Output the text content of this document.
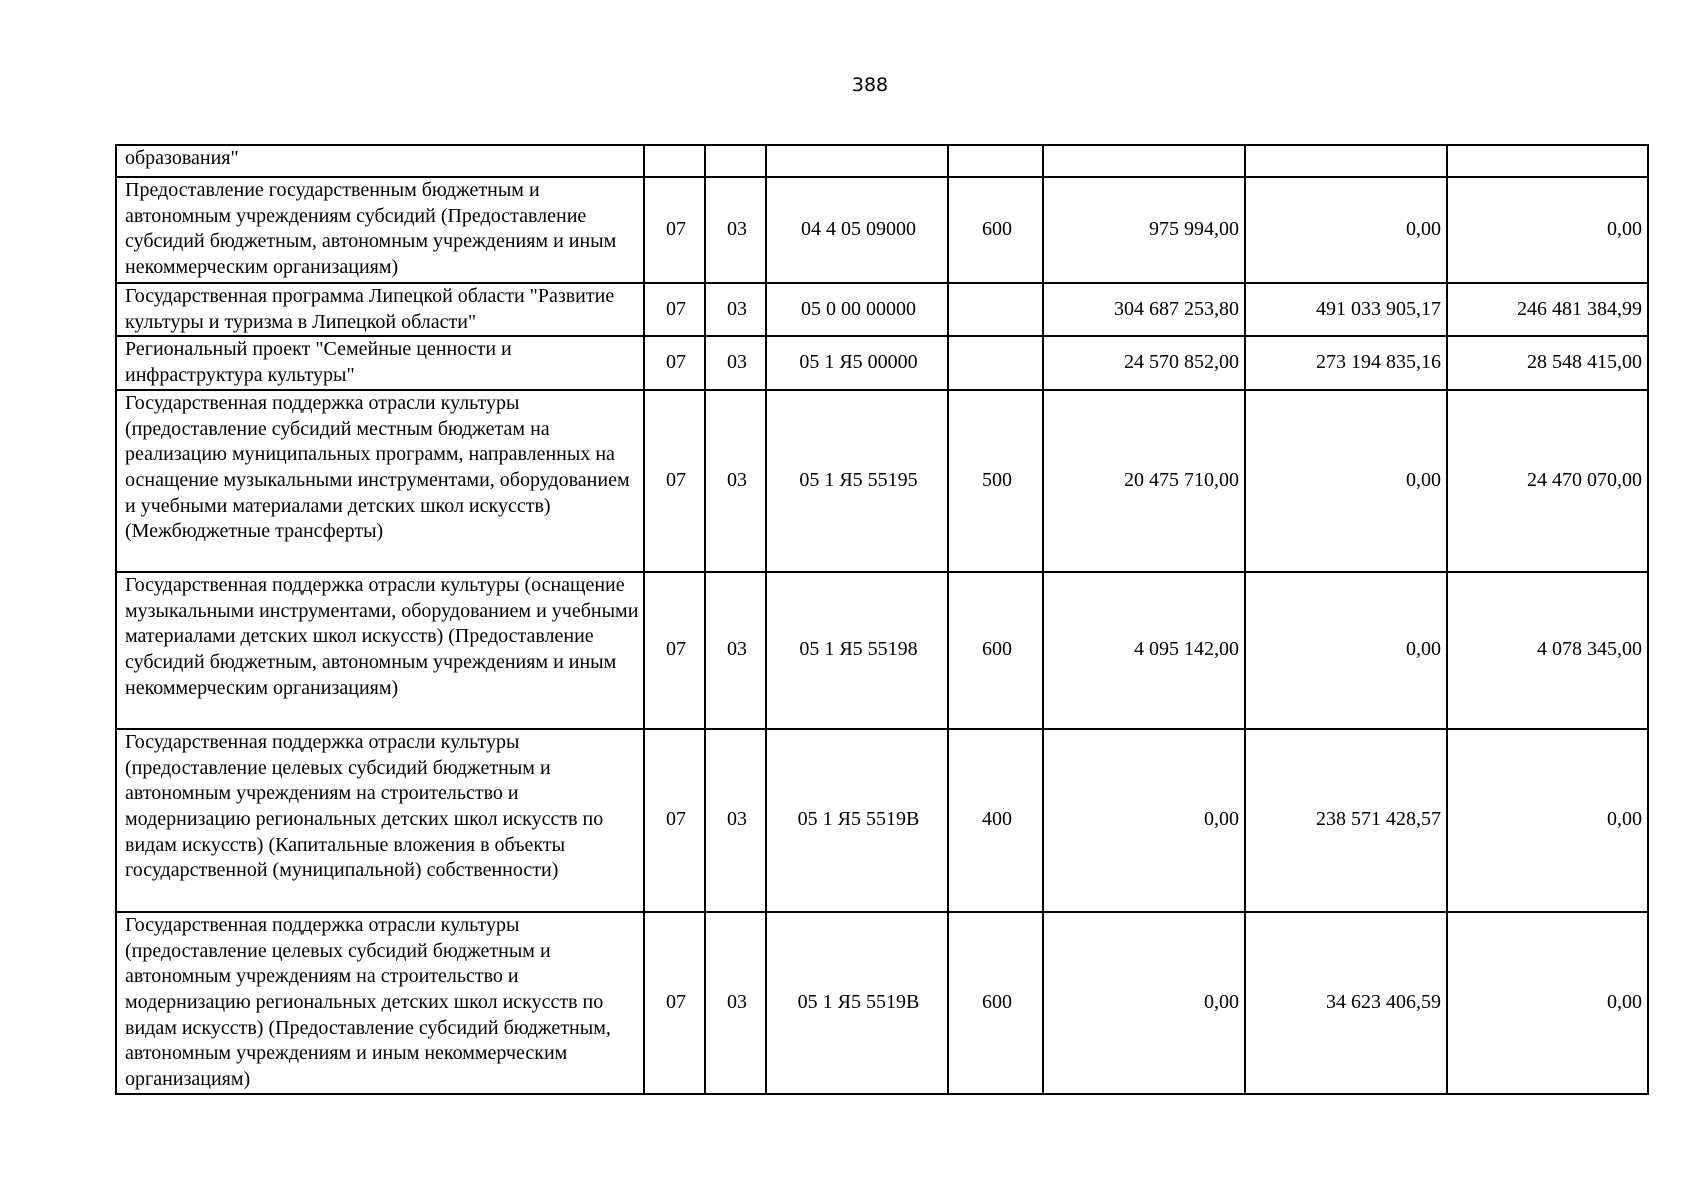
388
образования"							
Предоставление государственным бюджетным и автономным учреждениям субсидий (Предоставление субсидий бюджетным, автономным учреждениям и иным некоммерческим организациям)	07	03	04 4 05 09000	600	975 994,00	0,00	0,00
Государственная программа Липецкой области "Развитие культуры и туризма в Липецкой области"	07	03	05 0 00 00000		304 687 253,80	491 033 905,17	246 481 384,99
Региональный проект "Семейные ценности и инфраструктура культуры"	07	03	05 1 Я5 00000		24 570 852,00	273 194 835,16	28 548 415,00
Государственная поддержка отрасли культуры (предоставление субсидий местным бюджетам на реализацию муниципальных программ, направленных на оснащение музыкальными инструментами, оборудованием и учебными материалами детских школ искусств) (Межбюджетные трансферты)	07	03	05 1 Я5 55195	500	20 475 710,00	0,00	24 470 070,00
Государственная поддержка отрасли культуры (оснащение музыкальными инструментами, оборудованием и учебными материалами детских школ искусств) (Предоставление субсидий бюджетным, автономным учреждениям и иным некоммерческим организациям)	07	03	05 1 Я5 55198	600	4 095 142,00	0,00	4 078 345,00
Государственная поддержка отрасли культуры (предоставление целевых субсидий бюджетным и автономным учреждениям на строительство и модернизацию региональных детских школ искусств по видам искусств) (Капитальные вложения в объекты государственной (муниципальной) собственности)	07	03	05 1 Я5 5519В	400	0,00	238 571 428,57	0,00
Государственная поддержка отрасли культуры (предоставление целевых субсидий бюджетным и автономным учреждениям на строительство и модернизацию региональных детских школ искусств по видам искусств) (Предоставление субсидий бюджетным, автономным учреждениям и иным некоммерческим организациям)	07	03	05 1 Я5 5519В	600	0,00	34 623 406,59	0,00
